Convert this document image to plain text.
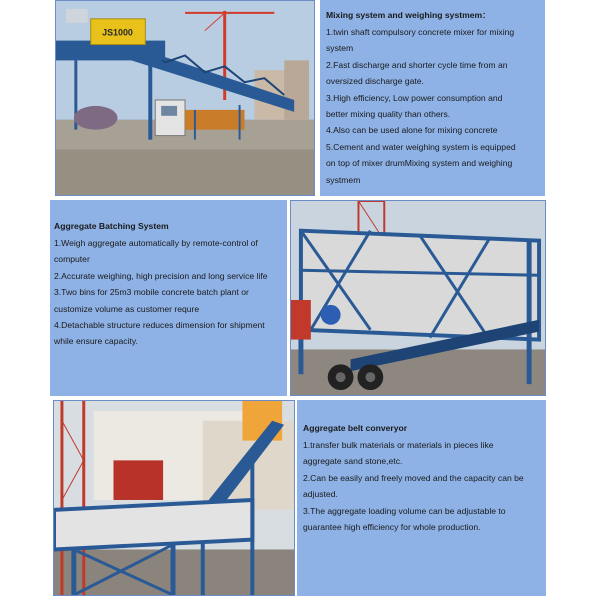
JS1000

Mixing system and weighing systmem：

1.twin shaft compulsory concrete mixer for mixing

system

2.Fast discharge and shorter cycle time from an

oversized discharge gate.

3.High efficiency, Low power consumption and

better mixing quality than others.

4.Also can be used alone for mixing concrete

5.Cement and water weighing system is equipped

on top of mixer drumMixing system and weighing

systmem

Aggregate Batching System

1.Weigh aggregate automatically by remote-control of

computer

2.Accurate weighing, high precision and long service life

3.Two bins for 25m3 mobile concrete batch plant or

customize volume as customer requre

4.Detachable structure reduces dimension for shipment

while ensure capacity.

Aggregate belt converyor

1.transfer bulk materials or materials in pieces like

aggregate sand stone,etc.

2.Can be easily and freely moved and the capacity can be

adjusted.

3.The aggregate loading volume can be adjustable to

guarantee high efficiency for whole production.
